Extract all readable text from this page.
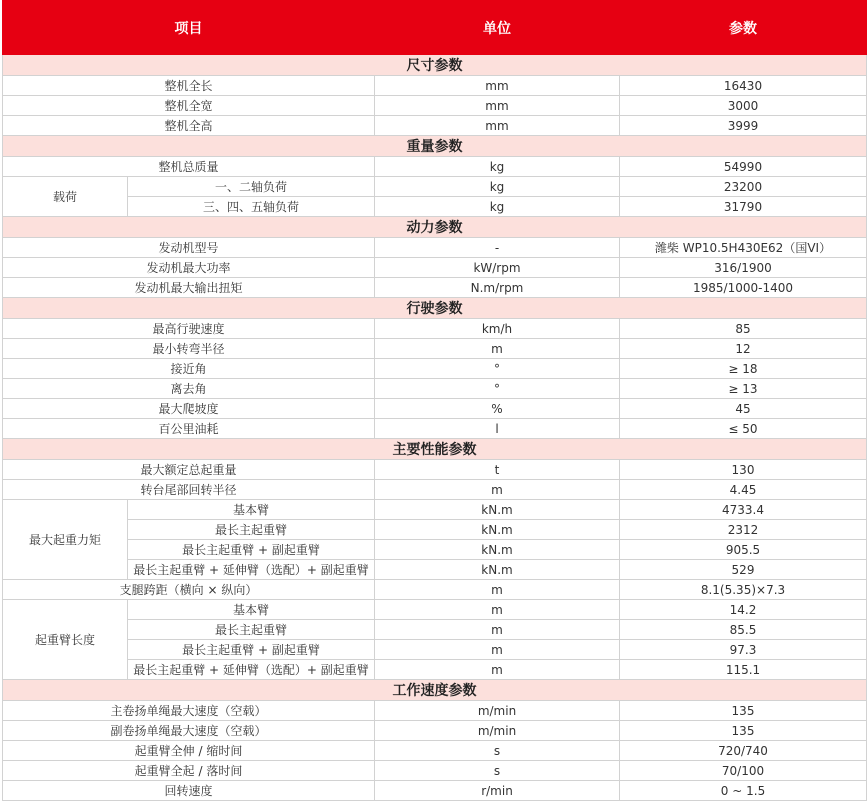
项目		单位	参数
尺寸参数			
整机全长		mm	16430
整机全宽		mm	3000
整机全高		mm	3999
重量参数			
整机总质量		kg	54990
载荷	一、二轴负荷	kg	23200
	三、四、五轴负荷	kg	31790
动力参数			
发动机型号		-	潍柴 WP10.5H430E62（国VI）
发动机最大功率		kW/rpm	316/1900
发动机最大输出扭矩		N.m/rpm	1985/1000-1400
行驶参数			
最高行驶速度		km/h	85
最小转弯半径		m	12
接近角		°	≥ 18
离去角		°	≥ 13
最大爬坡度		%	45
百公里油耗		l	≤ 50
主要性能参数			
最大额定总起重量		t	130
转台尾部回转半径		m	4.45
最大起重力矩	基本臂	kN.m	4733.4
	最长主起重臂	kN.m	2312
	最长主起重臂 + 副起重臂	kN.m	905.5
	最长主起重臂 + 延伸臂（选配）+ 副起重臂	kN.m	529
支腿跨距（横向 × 纵向）		m	8.1(5.35)×7.3
起重臂长度	基本臂	m	14.2
	最长主起重臂	m	85.5
	最长主起重臂 + 副起重臂	m	97.3
	最长主起重臂 + 延伸臂（选配）+ 副起重臂	m	115.1
工作速度参数			
主卷扬单绳最大速度（空载）		m/min	135
副卷扬单绳最大速度（空载）		m/min	135
起重臂全伸 / 缩时间		s	720/740
起重臂全起 / 落时间		s	70/100
回转速度		r/min	0 ~ 1.5
